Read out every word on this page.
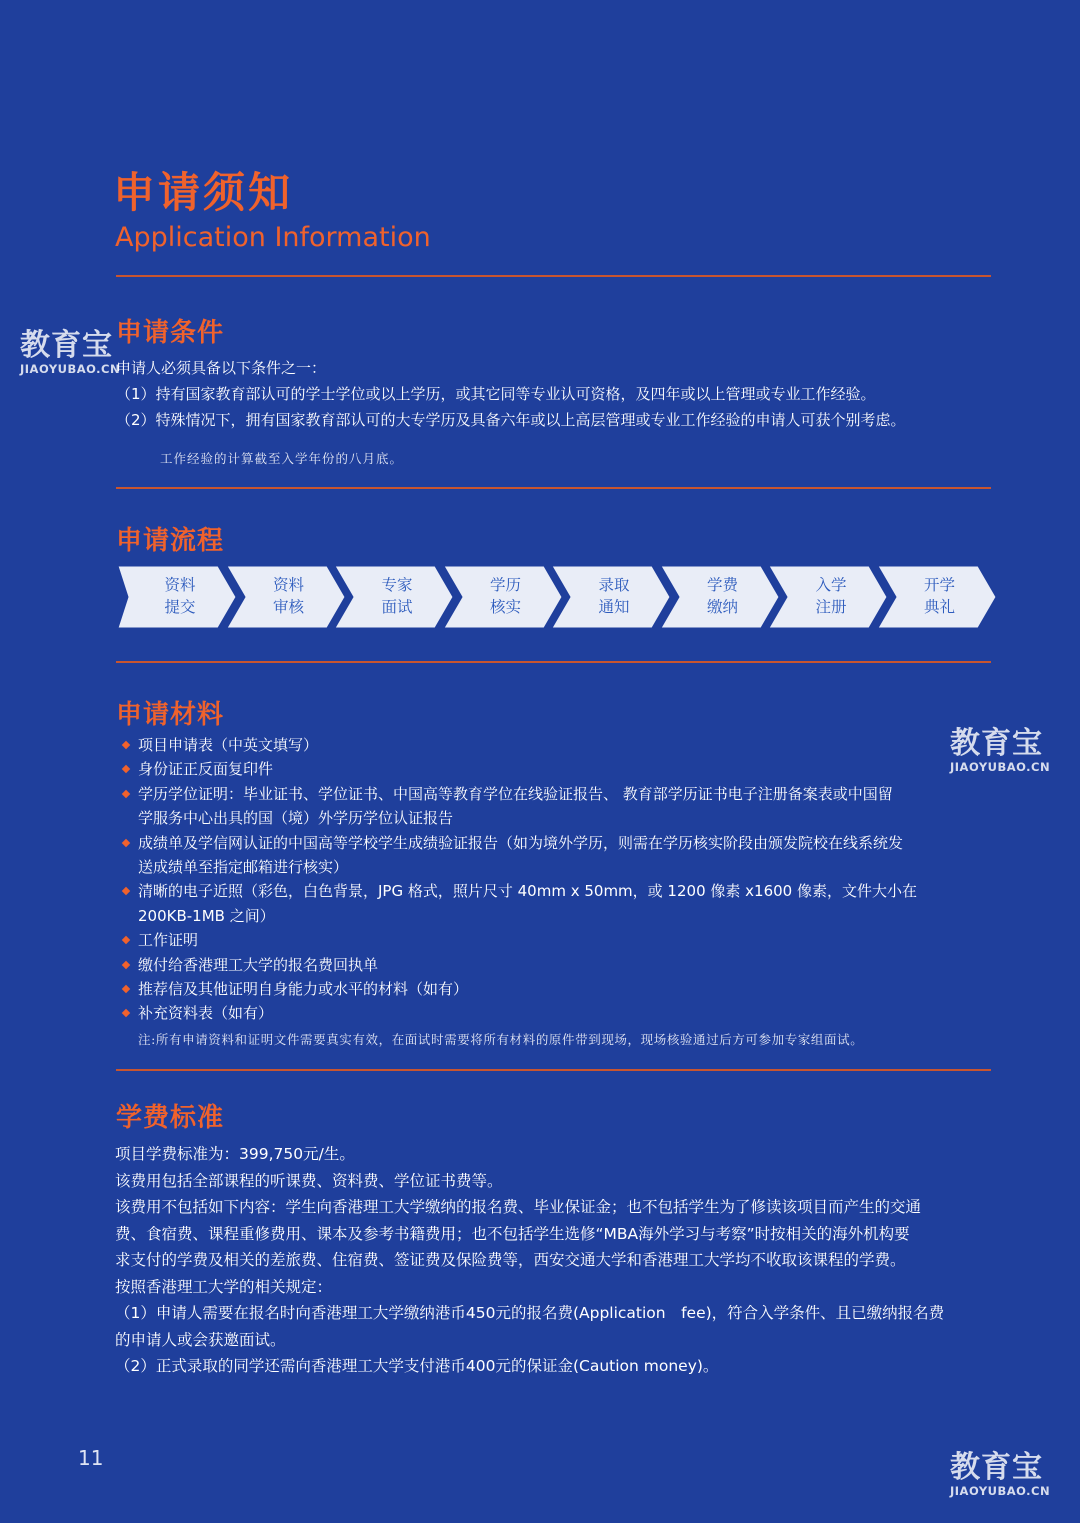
申请须知
Application Information
申请条件
申请人必须具备以下条件之一：
（1）持有国家教育部认可的学士学位或以上学历，或其它同等专业认可资格，及四年或以上管理或专业工作经验。
（2）特殊情况下，拥有国家教育部认可的大专学历及具备六年或以上高层管理或专业工作经验的申请人可获个别考虑。
工作经验的计算截至入学年份的八月底。
申请流程
资料
提交
资料
审核
专家
面试
学历
核实
录取
通知
学费
缴纳
入学
注册
开学
典礼
申请材料
项目申请表（中英文填写）
身份证正反面复印件
学历学位证明：毕业证书、学位证书、中国高等教育学位在线验证报告、 教育部学历证书电子注册备案表或中国留
学服务中心出具的国（境）外学历学位认证报告
成绩单及学信网认证的中国高等学校学生成绩验证报告（如为境外学历，则需在学历核实阶段由颁发院校在线系统发
送成绩单至指定邮箱进行核实）
清晰的电子近照（彩色，白色背景，JPG 格式，照片尺寸 40mm x 50mm，或 1200 像素 x1600 像素，文件大小在
200KB-1MB 之间）
工作证明
缴付给香港理工大学的报名费回执单
推荐信及其他证明自身能力或水平的材料（如有）
补充资料表（如有）
注:所有申请资料和证明文件需要真实有效，在面试时需要将所有材料的原件带到现场，现场核验通过后方可参加专家组面试。
学费标准
项目学费标准为：399,750元/生。
该费用包括全部课程的听课费、资料费、学位证书费等。
该费用不包括如下内容：学生向香港理工大学缴纳的报名费、毕业保证金；也不包括学生为了修读该项目而产生的交通
费、食宿费、课程重修费用、课本及参考书籍费用；也不包括学生选修“MBA海外学习与考察”时按相关的海外机构要
求支付的学费及相关的差旅费、住宿费、签证费及保险费等，西安交通大学和香港理工大学均不收取该课程的学费。
按照香港理工大学的相关规定：
（1）申请人需要在报名时向香港理工大学缴纳港币450元的报名费(Application　fee)，符合入学条件、且已缴纳报名费
的申请人或会获邀面试。
（2）正式录取的同学还需向香港理工大学支付港币400元的保证金(Caution money)。
11
教育宝
JIAOYUBAO.CN
教育宝
JIAOYUBAO.CN
教育宝
JIAOYUBAO.CN
